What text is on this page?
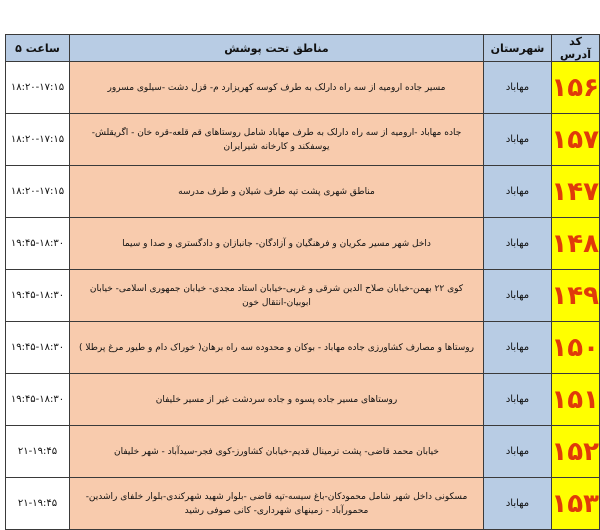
کد آدرس	شهرستان	مناطق تحت پوشش	ساعت ۵
۱۵۶	مهاباد	مسیر جاده ارومیه از سه راه دارلک به طرف کوسه کهریزارد م- قزل دشت -سیلوی مسرور	۱۸:۲۰-۱۷:۱۵
۱۵۷	مهاباد	جاده مهاباد -ارومیه از سه راه دارلک به طرف مهاباد شامل روستاهای قم قلعه-قره خان - اگریقلش-یوسفکند و کارخانه شیرایران	۱۸:۲۰-۱۷:۱۵
۱۴۷	مهاباد	مناطق شهری پشت تپه طرف شیلان و طرف مدرسه	۱۸:۲۰-۱۷:۱۵
۱۴۸	مهاباد	داخل شهر مسیر مکریان و فرهنگیان و آزادگان- جانبازان و دادگستری و صدا و سیما	۱۹:۴۵-۱۸:۳۰
۱۴۹	مهاباد	کوی ۲۲ بهمن-خیابان صلاح الدین شرقی و غربی-خیابان استاد مجدی- خیابان جمهوری اسلامی- خیابان ابوبیان-انتقال خون	۱۹:۴۵-۱۸:۳۰
۱۵۰	مهاباد	روستاها و مصارف کشاورزی جاده مهاباد - بوکان و محدوده سه راه برهان( خوراک دام و طیور مرغ پرطلا )	۱۹:۴۵-۱۸:۳۰
۱۵۱	مهاباد	روستاهای مسیر جاده پسوه و جاده سردشت غیر از مسیر خلیفان	۱۹:۴۵-۱۸:۳۰
۱۵۲	مهاباد	خیابان محمد قاضی- پشت ترمینال قدیم-خیابان کشاورز-کوی فجر-سیدآباد - شهر خلیفان	۲۱-۱۹:۴۵
۱۵۳	مهاباد	مسکونی داخل شهر شامل محمودکان-باغ سیسه-تپه قاضی -بلوار شهید شهرکندی-بلوار خلفای راشدین-محمورآباد - زمینهای شهرداری- کانی صوفی رشید	۲۱-۱۹:۴۵
